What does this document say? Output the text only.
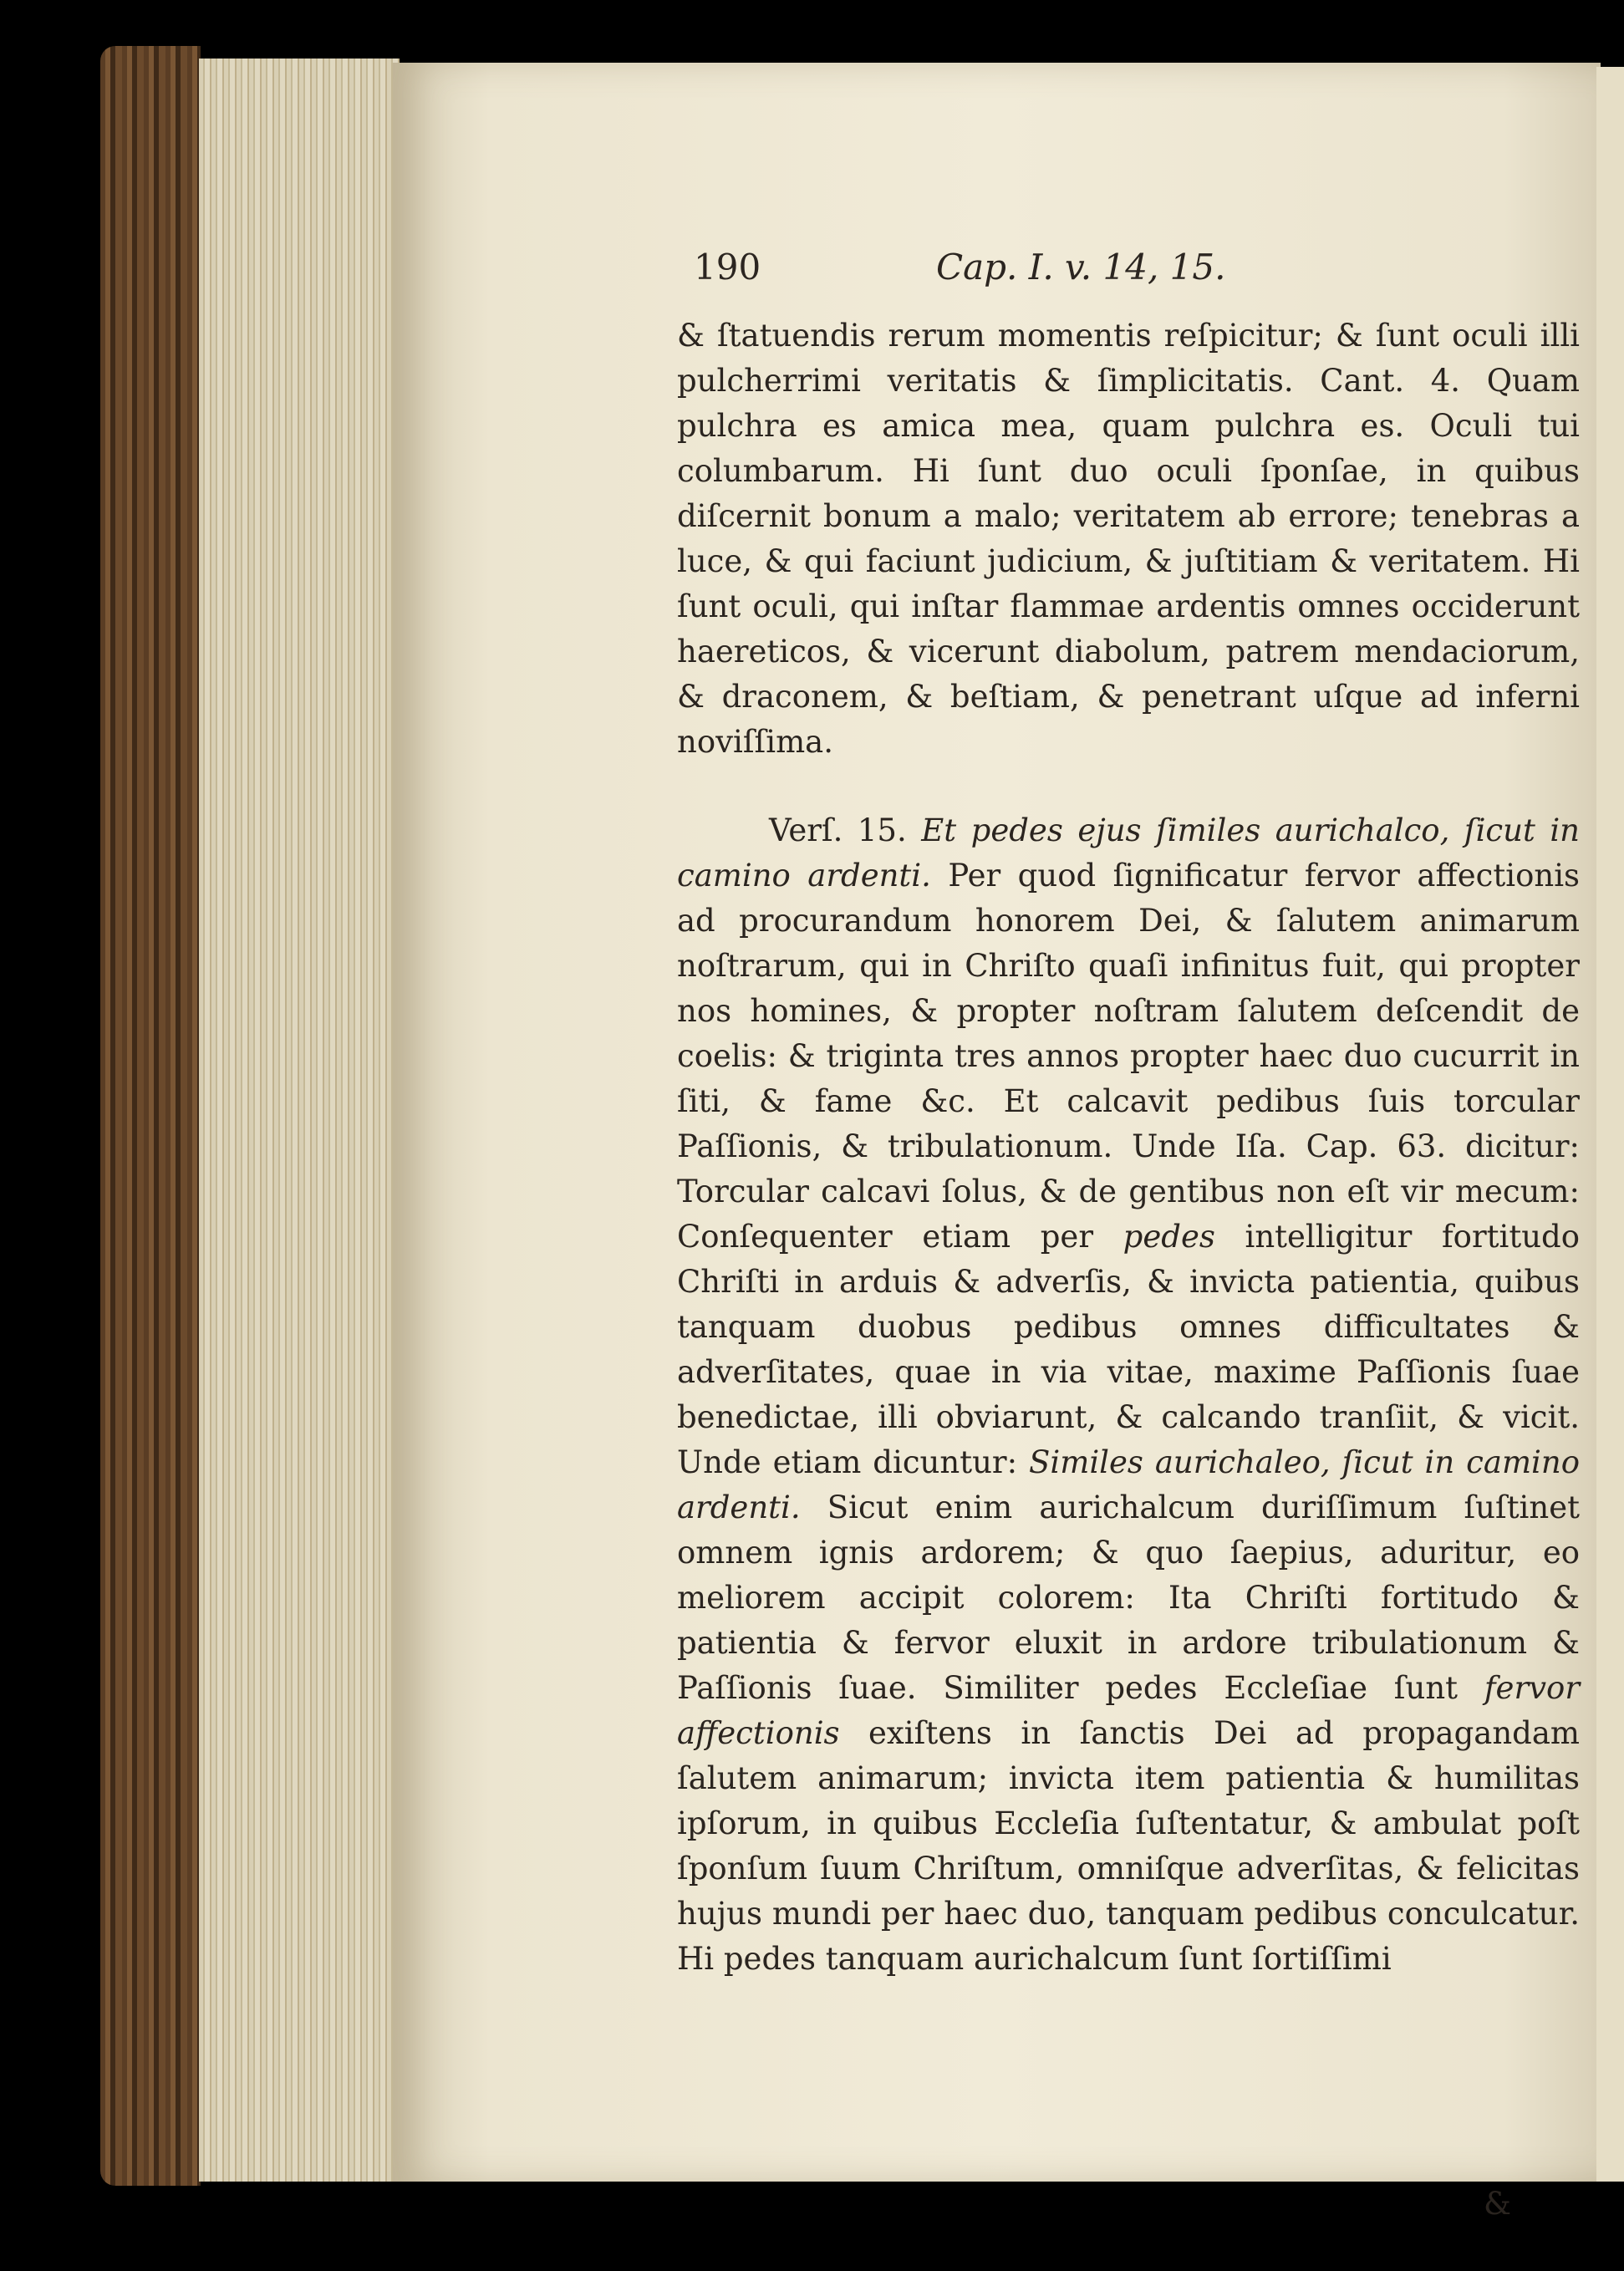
190	Cap. I. v. 14, 15.

& ſtatuendis rerum momentis reſpicitur; & ſunt oculi illi pulcherrimi veritatis & ſimplicitatis. Cant. 4. Quam pulchra es amica mea, quam pulchra es. Oculi tui columbarum. Hi ſunt duo oculi ſponſae, in quibus diſcernit bonum a malo; veritatem ab errore; tenebras a luce, & qui faciunt judicium, & juſtitiam & veritatem. Hi ſunt oculi, qui inſtar flammae ardentis omnes occiderunt haereticos, & vicerunt diabolum, patrem mendaciorum, & draconem, & beſtiam, & penetrant uſque ad inferni noviſſima.

Verſ. 15. Et pedes ejus ſimiles aurichalco, ſicut in camino ardenti. Per quod ſignificatur fervor affectionis ad procurandum honorem Dei, & ſalutem animarum noſtrarum, qui in Chriſto quaſi infinitus fuit, qui propter nos homines, & propter noſtram ſalutem deſcendit de coelis: & triginta tres annos propter haec duo cucurrit in ſiti, & fame &c. Et calcavit pedibus ſuis torcular Paſſionis, & tribulationum. Unde Iſa. Cap. 63. dicitur: Torcular calcavi ſolus, & de gentibus non eſt vir mecum: Conſequenter etiam per pedes intelligitur fortitudo Chriſti in arduis & adverſis, & invicta patientia, quibus tanquam duobus pedibus omnes difficultates & adverſitates, quae in via vitae, maxime Paſſionis ſuae benedictae, illi obviarunt, & calcando tranſiit, & vicit. Unde etiam dicuntur: Similes aurichaleo, ſicut in camino ardenti. Sicut enim aurichalcum duriſſimum ſuſtinet omnem ignis ardorem; & quo ſaepius, aduritur, eo meliorem accipit colorem: Ita Chriſti fortitudo & patientia & fervor eluxit in ardore tribulationum & Paſſionis ſuae. Similiter pedes Eccleſiae ſunt fervor affectionis exiſtens in ſanctis Dei ad propagandam ſalutem animarum; invicta item patientia & humilitas ipſorum, in quibus Eccleſia ſuſtentatur, & ambulat poſt ſponſum ſuum Chriſtum, omniſque adverſitas, & felicitas hujus mundi per haec duo, tanquam pedibus conculcatur. Hi pedes tanquam aurichalcum ſunt ſortiſſimi

&
